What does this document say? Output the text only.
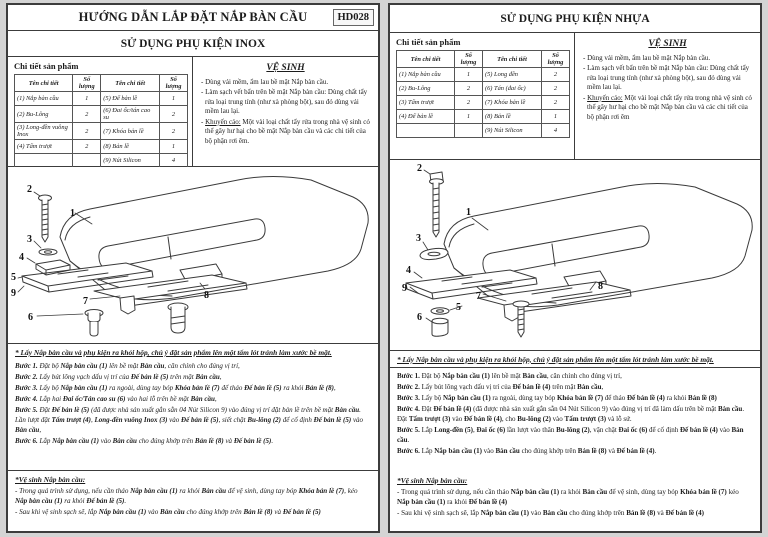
HƯỚNG DẪN LẮP ĐẶT NẮP BÀN CẦU	HD028
SỬ DỤNG PHỤ KIỆN INOX
Chi tiết sản phẩm
Tên chi tiết	Số lượng	Tên chi tiết	Số lượng
(1) Nắp bàn cầu	1	(5) Đế bản lề	1
(2) Bu-Lông	2	(6) Đai ốc/tán cao su	2
(3) Long-đền vuông Inox	2	(7) Khóa bản lề	2
(4) Tấm trượt	2	(8) Bản lề	1
		(9) Nút Silicon	4
VỆ SINH
- Dùng vải mềm, ẩm lau bề mặt Nắp bàn cầu.
- Làm sạch vết bẩn trên bề mặt Nắp bàn cầu: Dùng chất tẩy rửa loại trung tính (như xà phòng bột), sau đó dùng vải mềm lau lại.
- Khuyến cáo: Một vài loại chất tẩy rửa trong nhà vệ sinh có thể gây hư hại cho bề mặt Nắp bàn cầu và các chi tiết của bộ phận rơi êm.
1
2
3
4
5
6
7
8
9
* Lấy Nắp bàn cầu và phụ kiện ra khỏi hộp, chú ý đặt sản phẩm lên một tấm lót tránh làm xước bề mặt.
Bước 1. Đặt bộ Nắp bàn cầu (1) lên bề mặt Bàn cầu, căn chỉnh cho đúng vị trí,
Bước 2. Lấy bút lông vạch dấu vị trí của Đế bản lề (5) trên mặt Bàn cầu,
Bước 3. Lấy bộ Nắp bàn cầu (1) ra ngoài, dùng tay bóp Khóa bản lề (7) để tháo Đế bản lề (5) ra khỏi Bản lề (8),
Bước 4. Lắp hai Đai ốc/Tán cao su (6) vào hai lỗ trên bề mặt Bàn cầu,
Bước 5. Đặt Đế bản lề (5) (đã được nhà sản xuất gắn sẵn 04 Nút Silicon 9) vào đúng vị trí đặt bản lề trên bề mặt Bàn cầu. Lần lượt đặt Tấm trượt (4), Long-đền vuông Inox (3) vào Đế bản lề (5), siết chặt Bu-lông (2) để cố định Đế bản lề (5) vào Bàn cầu,
Bước 6. Lắp Nắp bàn cầu (1) vào Bàn cầu cho đúng khớp trên Bản lề (8) và Đế bản lề (5).
*Vệ sinh Nắp bàn cầu:
- Trong quá trình sử dụng, nếu cần tháo Nắp bàn cầu (1) ra khỏi Bàn cầu để vệ sinh, dùng tay bóp Khóa bản lề (7), kéo Nắp bàn cầu (1) ra khỏi Đế bản lề (5).
- Sau khi vệ sinh sạch sẽ, lắp Nắp bàn cầu (1) vào Bàn cầu cho đúng khớp trên Bản lề (8) và Đế bản lề (5)
SỬ DỤNG PHỤ KIỆN NHỰA
Chi tiết sản phẩm
Tên chi tiết	Số lượng	Tên chi tiết	Số lượng
(1) Nắp bàn cầu	1	(5) Long đền	2
(2) Bu-Lông	2	(6) Tán (đai ốc)	2
(3) Tấm trượt	2	(7) Khóa bản lề	2
(4) Đế bản lề	1	(8) Bản lề	1
		(9) Nút Silicon	4
VỆ SINH
- Dùng vải mềm, ẩm lau bề mặt Nắp bàn cầu.
- Làm sạch vết bẩn trên bề mặt Nắp bàn cầu: Dùng chất tẩy rửa loại trung tính (như xà phòng bột), sau đó dùng vải mềm lau lại.
- Khuyến cáo: Một vài loại chất tẩy rửa trong nhà vệ sinh có thể gây hư hại cho bề mặt Nắp bàn cầu và các chi tiết của bộ phận rơi êm
1
2
3
4
5
6
7
8
9
* Lấy Nắp bàn cầu và phụ kiện ra khỏi hộp, chú ý đặt sản phẩm lên một tấm lót tránh làm xước bề mặt.
Bước 1. Đặt bộ Nắp bàn cầu (1) lên bề mặt Bàn cầu, căn chỉnh cho đúng vị trí,
Bước 2. Lấy bút lông vạch dấu vị trí của Đế bản lề (4) trên mặt Bàn cầu,
Bước 3. Lấy bộ Nắp bàn cầu (1) ra ngoài, dùng tay bóp Khóa bản lề (7) để tháo Đế bản lề (4) ra khỏi Bản lề (8)
Bước 4. Đặt Đế bản lề (4) (đã được nhà sản xuất gắn sẵn 04 Nút Silicon 9) vào đúng vị trí đã làm dấu trên bề mặt Bàn cầu. Đặt Tấm trượt (3) vào Đế bản lề (4), cho Bu-lông (2) vào Tấm trượt (3) và lỗ sứ.
Bước 5. Lắp Long-đền (5), Đai ốc (6) lần lượt vào thân Bu-lông (2), vặn chặt Đai ốc (6) để cố định Đế bản lề (4) vào Bàn cầu.
Bước 6. Lắp Nắp bàn cầu (1) vào Bàn cầu cho đúng khớp trên Bản lề (8) và Đế bản lề (4).
*Vệ sinh Nắp bàn cầu:
- Trong quá trình sử dụng, nếu cần tháo Nắp bàn cầu (1) ra khỏi Bàn cầu để vệ sinh, dùng tay bóp Khóa bản lề (7) kéo Nắp bàn cầu (1) ra khỏi Đế bản lề (4)
- Sau khi vệ sinh sạch sẽ, lắp Nắp bàn cầu (1) vào Bàn cầu cho đúng khớp trên Bản lề (8) và Đế bản lề (4)
